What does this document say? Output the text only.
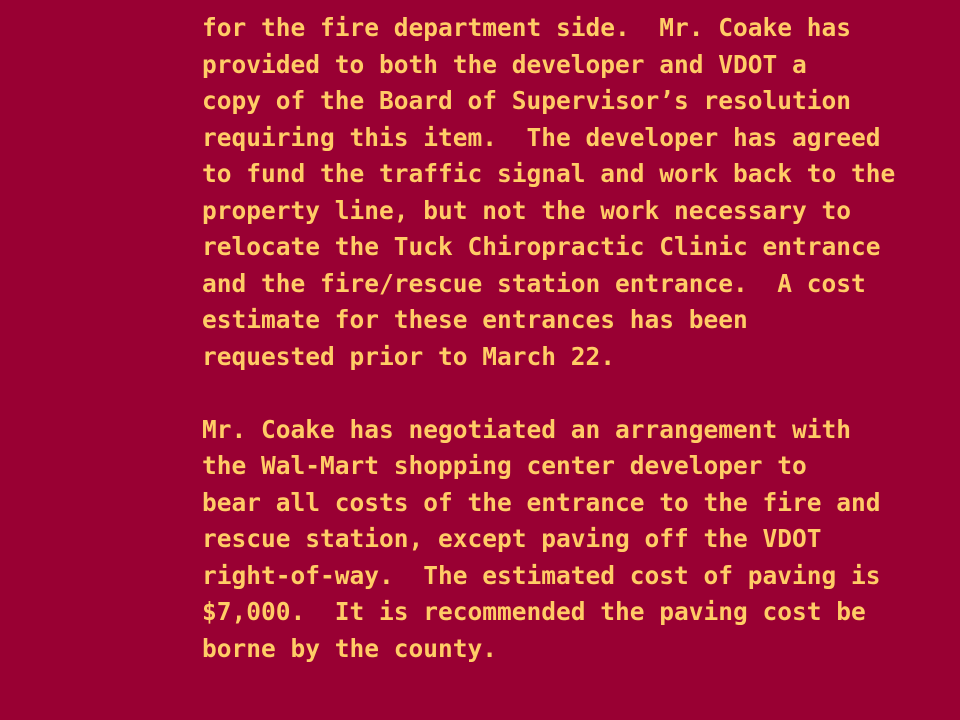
for the fire department side.  Mr. Coake has
provided to both the developer and VDOT a
copy of the Board of Supervisor’s resolution
requiring this item.  The developer has agreed
to fund the traffic signal and work back to the
property line, but not the work necessary to
relocate the Tuck Chiropractic Clinic entrance
and the fire/rescue station entrance.  A cost
estimate for these entrances has been
requested prior to March 22.
Mr. Coake has negotiated an arrangement with
the Wal-Mart shopping center developer to
bear all costs of the entrance to the fire and
rescue station, except paving off the VDOT
right-of-way.  The estimated cost of paving is
$7,000.  It is recommended the paving cost be
borne by the county.
